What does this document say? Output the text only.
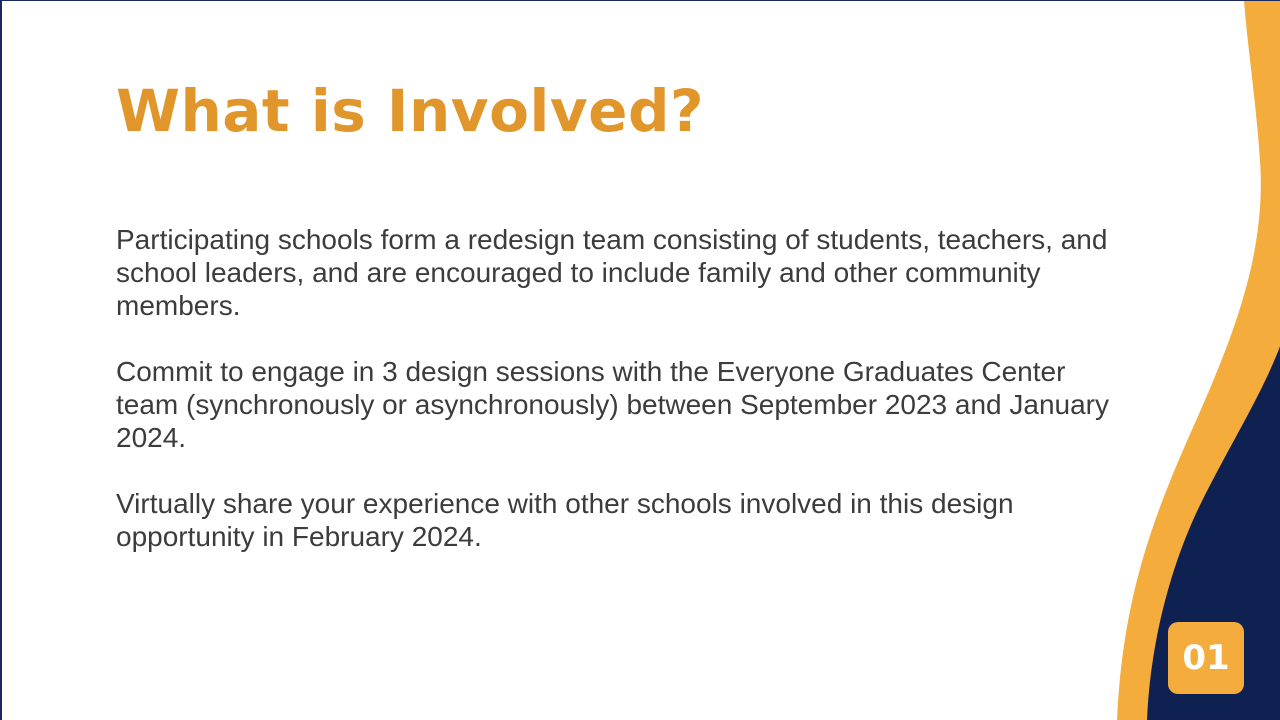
What is Involved?

Participating schools form a redesign team consisting of students, teachers, and school leaders, and are encouraged to include family and other community members.

Commit to engage in 3 design sessions with the Everyone Graduates Center team (synchronously or asynchronously) between September 2023 and January 2024.

Virtually share your experience with other schools involved in this design opportunity in February 2024.

01
